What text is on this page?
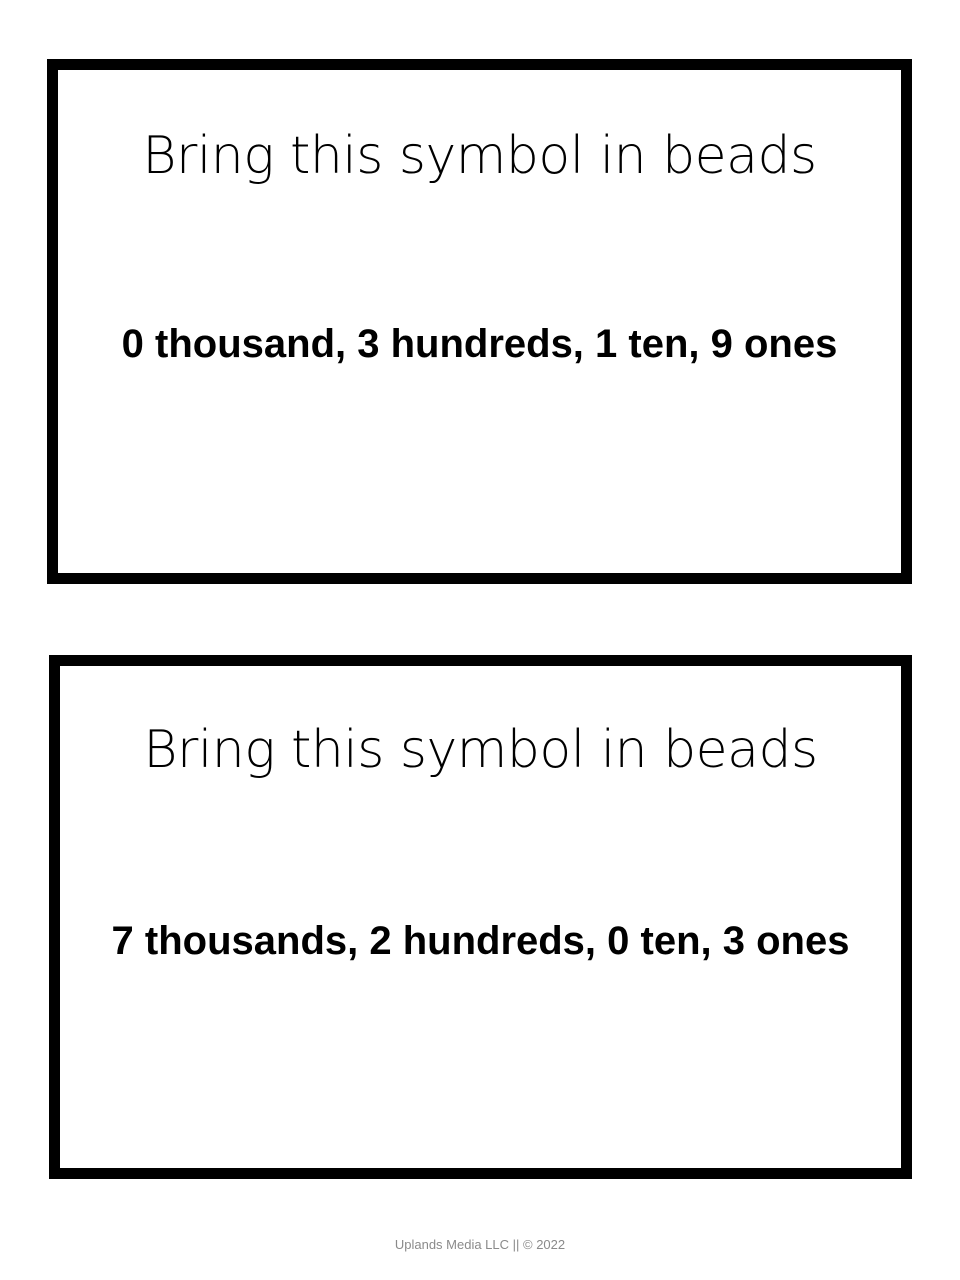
Bring this symbol in beads
0 thousand, 3 hundreds, 1 ten, 9 ones
Bring this symbol in beads
7 thousands, 2 hundreds, 0 ten, 3 ones
Uplands Media LLC || © 2022
